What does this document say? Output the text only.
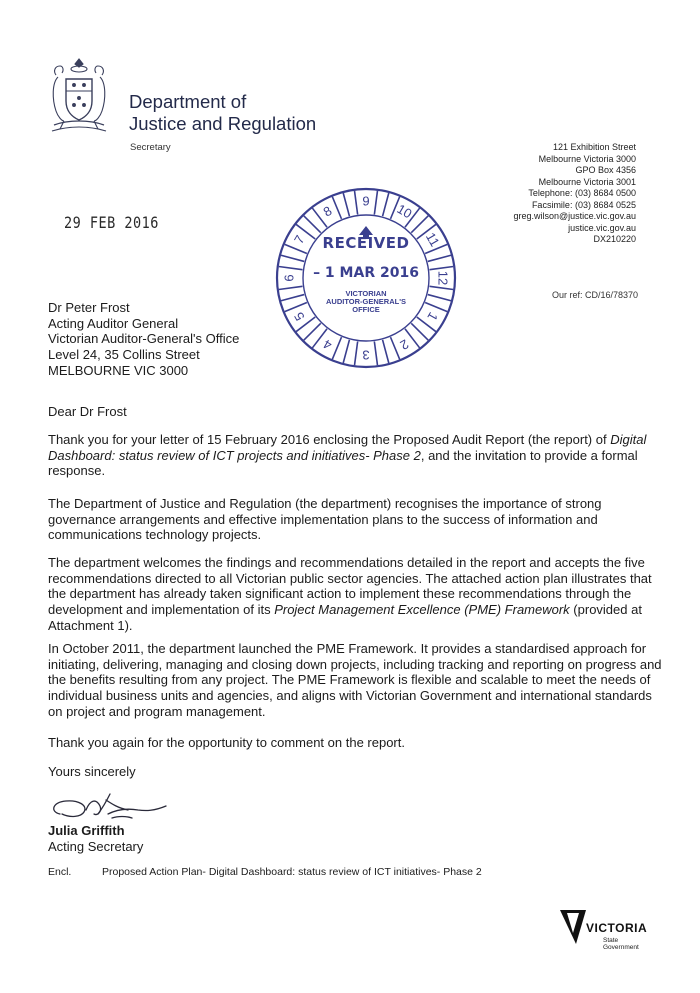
Department of
Justice and Regulation
Secretary	121 Exhibition Street
Melbourne Victoria 3000
GPO Box 4356
Melbourne Victoria 3001
Telephone: (03) 8684 0500
Facsimile: (03) 8684 0525
greg.wilson@justice.vic.gov.au
justice.vic.gov.au
DX210220
Our ref: CD/16/78370
29 FEB 2016
9
10
11
12
1
2
3
4
5
6
7
8
RECEIVED
– 1 MAR 2016
VICTORIAN
AUDITOR-GENERAL'S
OFFICE
Dr Peter Frost
Acting Auditor General
Victorian Auditor-General's Office
Level 24, 35 Collins Street
MELBOURNE VIC 3000
Dear Dr Frost
Thank you for your letter of 15 February 2016 enclosing the Proposed Audit Report (the report) of Digital Dashboard: status review of ICT projects and initiatives- Phase 2, and the invitation to provide a formal response.
The Department of Justice and Regulation (the department) recognises the importance of strong governance arrangements and effective implementation plans to the success of information and communications technology projects.
The department welcomes the findings and recommendations detailed in the report and accepts the five recommendations directed to all Victorian public sector agencies. The attached action plan illustrates that the department has already taken significant action to implement these recommendations through the development and implementation of its Project Management Excellence (PME) Framework (provided at Attachment 1).
In October 2011, the department launched the PME Framework. It provides a standardised approach for initiating, delivering, managing and closing down projects, including tracking and reporting on progress and the benefits resulting from any project. The PME Framework is flexible and scalable to meet the needs of individual business units and agencies, and aligns with Victorian Government and international standards on project and program management.
Thank you again for the opportunity to comment on the report.
Yours sincerely
Julia Griffith
Acting Secretary
Encl.	Proposed Action Plan- Digital Dashboard: status review of ICT initiatives- Phase 2
VICTORIA
State
Government
